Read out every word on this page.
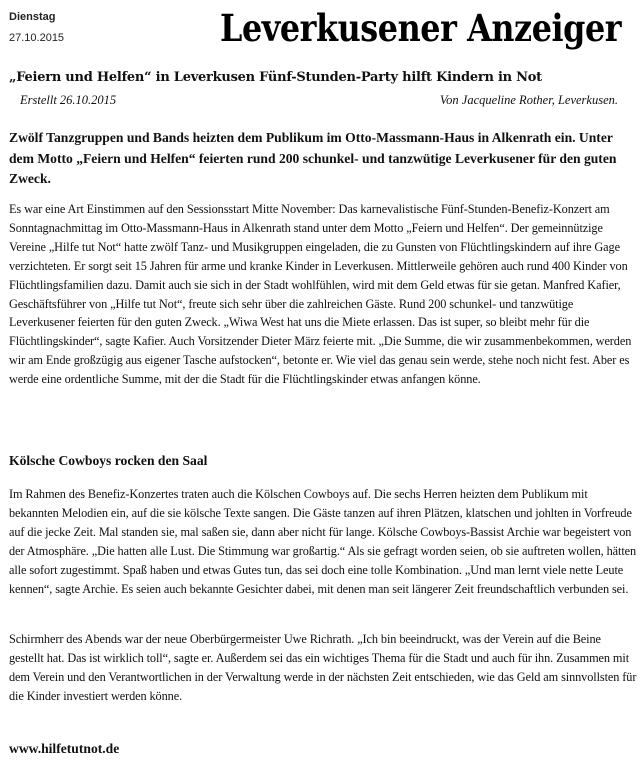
Dienstag
27.10.2015	Leverkusener Anzeiger
„Feiern und Helfen“ in Leverkusen Fünf-Stunden-Party hilft Kindern in Not
Erstellt 26.10.2015	Von Jacqueline Rother, Leverkusen.
Zwölf Tanzgruppen und Bands heizten dem Publikum im Otto-Massmann-Haus in Alkenrath ein. Unter dem Motto „Feiern und Helfen“ feierten rund 200 schunkel- und tanzwütige Leverkusener für den guten Zweck.
Es war eine Art Einstimmen auf den Sessionsstart Mitte November: Das karnevalistische Fünf-Stunden-Benefiz-Konzert am Sonntagnachmittag im Otto-Massmann-Haus in Alkenrath stand unter dem Motto „Feiern und Helfen“. Der gemeinnützige Vereine „Hilfe tut Not“ hatte zwölf Tanz- und Musikgruppen eingeladen, die zu Gunsten von Flüchtlingskindern auf ihre Gage verzichteten. Er sorgt seit 15 Jahren für arme und kranke Kinder in Leverkusen. Mittlerweile gehören auch rund 400 Kinder von Flüchtlingsfamilien dazu. Damit auch sie sich in der Stadt wohlfühlen, wird mit dem Geld etwas für sie getan. Manfred Kafier, Geschäftsführer von „Hilfe tut Not“, freute sich sehr über die zahlreichen Gäste. Rund 200 schunkel- und tanzwütige Leverkusener feierten für den guten Zweck. „Wiwa West hat uns die Miete erlassen. Das ist super, so bleibt mehr für die Flüchtlingskinder“, sagte Kafier. Auch Vorsitzender Dieter März feierte mit. „Die Summe, die wir zusammenbekommen, werden wir am Ende großzügig aus eigener Tasche aufstocken“, betonte er. Wie viel das genau sein werde, stehe noch nicht fest. Aber es werde eine ordentliche Summe, mit der die Stadt für die Flüchtlingskinder etwas anfangen könne.
Kölsche Cowboys rocken den Saal
Im Rahmen des Benefiz-Konzertes traten auch die Kölschen Cowboys auf. Die sechs Herren heizten dem Publikum mit bekannten Melodien ein, auf die sie kölsche Texte sangen. Die Gäste tanzen auf ihren Plätzen, klatschen und johlten in Vorfreude auf die jecke Zeit. Mal standen sie, mal saßen sie, dann aber nicht für lange. Kölsche Cowboys-Bassist Archie war begeistert von der Atmosphäre. „Die hatten alle Lust. Die Stimmung war großartig.“ Als sie gefragt worden seien, ob sie auftreten wollen, hätten alle sofort zugestimmt. Spaß haben und etwas Gutes tun, das sei doch eine tolle Kombination. „Und man lernt viele nette Leute kennen“, sagte Archie. Es seien auch bekannte Gesichter dabei, mit denen man seit längerer Zeit freundschaftlich verbunden sei.
Schirmherr des Abends war der neue Oberbürgermeister Uwe Richrath. „Ich bin beeindruckt, was der Verein auf die Beine gestellt hat. Das ist wirklich toll“, sagte er. Außerdem sei das ein wichtiges Thema für die Stadt und auch für ihn. Zusammen mit dem Verein und den Verantwortlichen in der Verwaltung werde in der nächsten Zeit entschieden, wie das Geld am sinnvollsten für die Kinder investiert werden könne.
www.hilfetutnot.de
